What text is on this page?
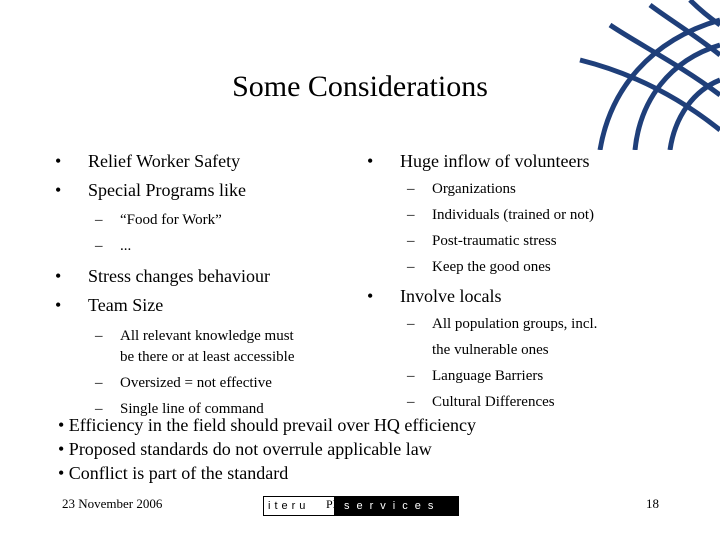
Some Considerations
• Relief Worker Safety
• Special Programs like
– “Food for Work”
– ...
• Stress changes behaviour
• Team Size
– All relevant knowledge must
be there or at least accessible
– Oversized = not effective
– Single line of command
• Huge inflow of volunteers
– Organizations
– Individuals (trained or not)
– Post-traumatic stress
– Keep the good ones
• Involve locals
– All population groups, incl.
the vulnerable ones
– Language Barriers
– Cultural Differences
• Efficiency in the field should prevail over HQ efficiency
• Proposed standards do not overrule applicable law
• Conflict is part of the standard
23 November 2006	iteru PM services	18
